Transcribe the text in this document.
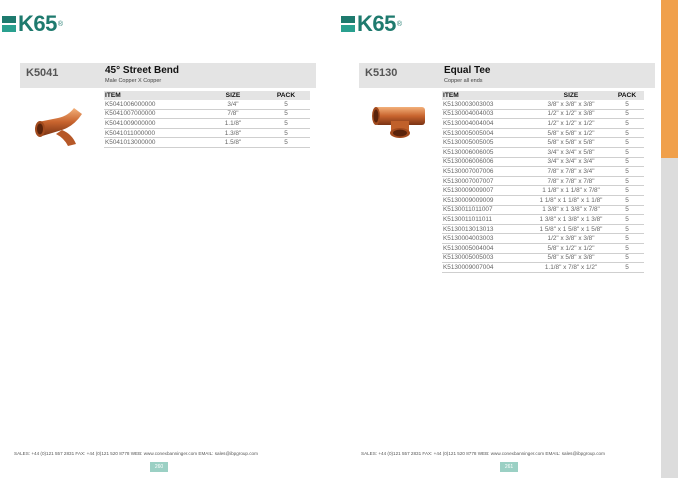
K65 ®
K5041	45° Street Bend
Male Copper X Copper
ITEM	SIZE	PACK
K5041006000000	3/4"	5
K5041007000000	7/8"	5
K5041009000000	1.1/8"	5
K5041011000000	1.3/8"	5
K5041013000000	1.5/8"	5
SALES: +44 (0)121 557 2831 FAX: +44 (0)121 520 8778 WEB: www.conexbanninger.com EMAIL: sales@ibpgroup.com
260
K65 ®
K5130	Equal Tee
Copper all ends
ITEM	SIZE	PACK
K5130003003003	3/8" x 3/8" x 3/8"	5
K5130004004003	1/2" x 1/2" x 3/8"	5
K5130004004004	1/2" x 1/2" x 1/2"	5
K5130005005004	5/8" x 5/8" x 1/2"	5
K5130005005005	5/8" x 5/8" x 5/8"	5
K5130006006005	3/4" x 3/4" x 5/8"	5
K5130006006006	3/4" x 3/4" x 3/4"	5
K5130007007006	7/8" x 7/8" x 3/4"	5
K5130007007007	7/8" x 7/8" x 7/8"	5
K5130009009007	1 1/8" x 1 1/8" x 7/8"	5
K5130009009009	1 1/8" x 1 1/8" x 1 1/8"	5
K5130011011007	1 3/8" x 1 3/8" x 7/8"	5
K5130011011011	1 3/8" x 1 3/8" x 1 3/8"	5
K5130013013013	1 5/8" x 1 5/8" x 1 5/8"	5
K5130004003003	1/2" x 3/8" x 3/8"	5
K5130005004004	5/8" x 1/2" x 1/2"	5
K5130005005003	5/8" x 5/8" x 3/8"	5
K5130009007004	1.1/8" x 7/8" x 1/2"	5
SALES: +44 (0)121 557 2831 FAX: +44 (0)121 520 8778 WEB: www.conexbanninger.com EMAIL: sales@ibpgroup.com
261
